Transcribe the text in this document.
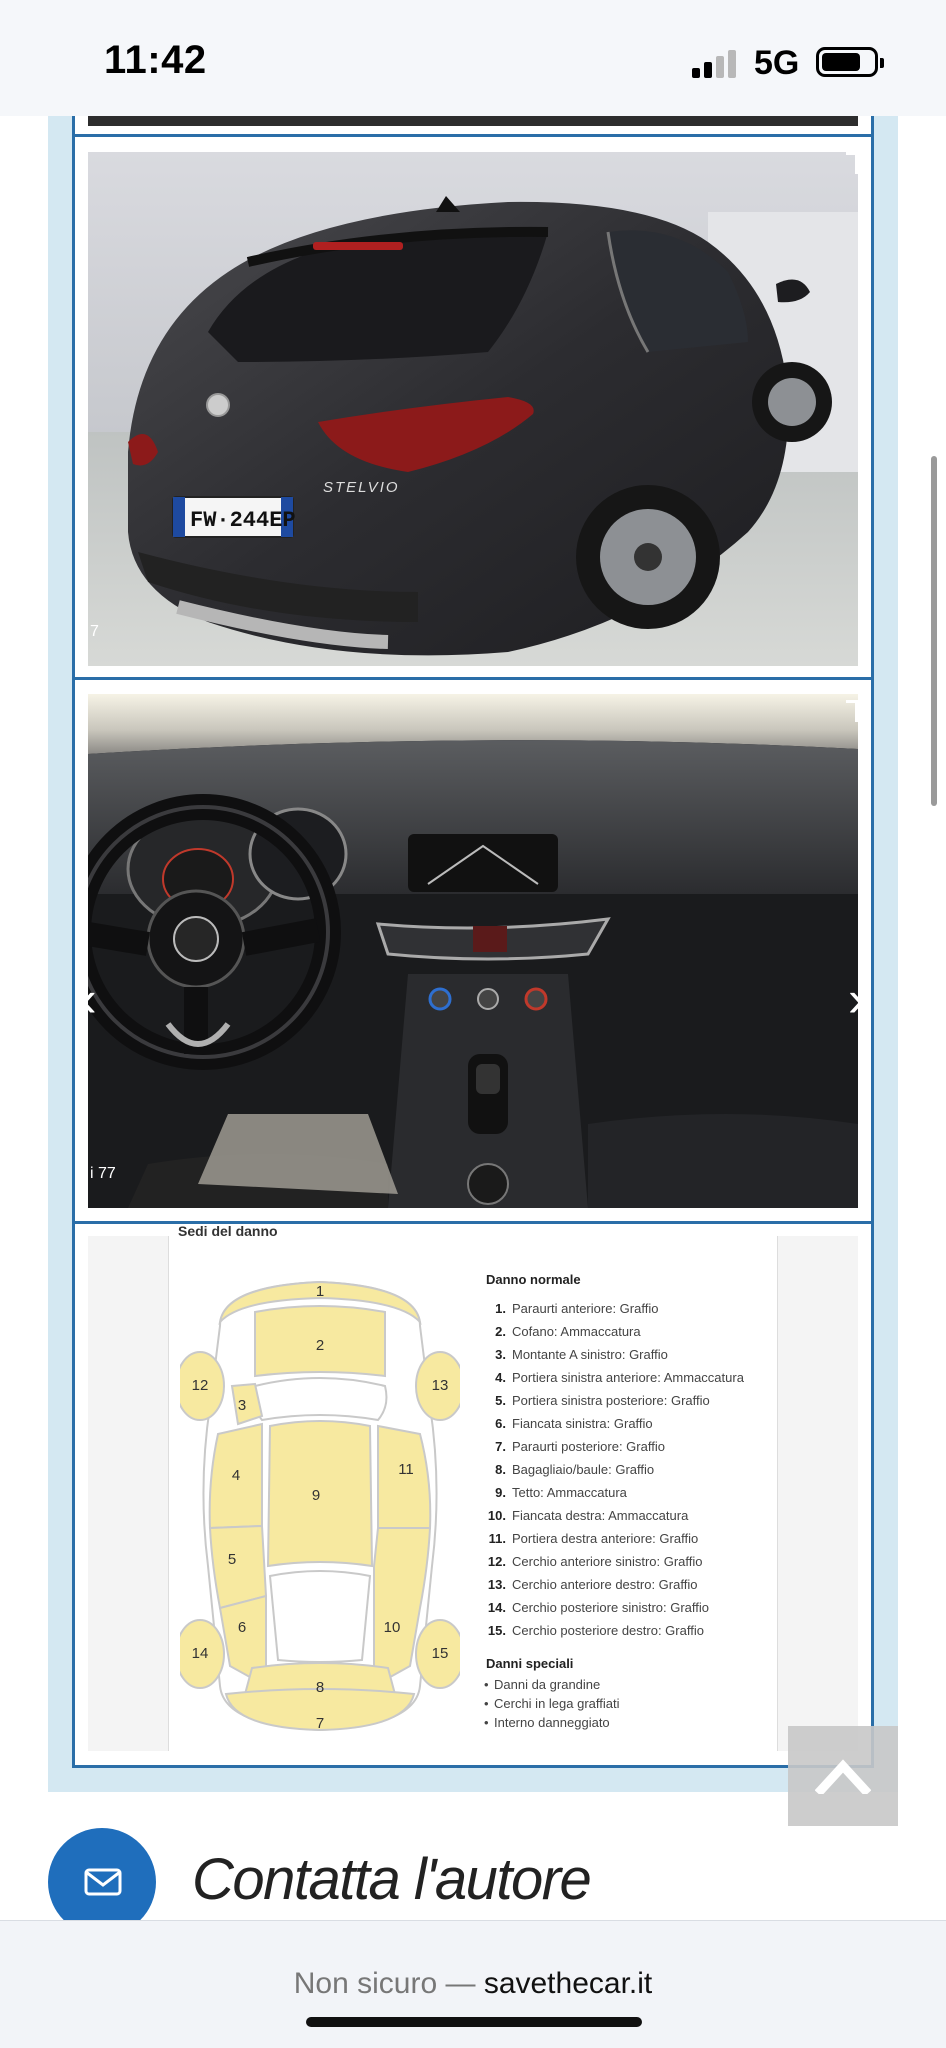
11:42	5G
FW·244EP
STELVIO
7
i 77
‹	›
Sedi del danno
1
2
3
4
5
6
7
8
9
10
11
12	13
14	15
Danno normale
1. Paraurti anteriore: Graffio
2. Cofano: Ammaccatura
3. Montante A sinistro: Graffio
4. Portiera sinistra anteriore: Ammaccatura
5. Portiera sinistra posteriore: Graffio
6. Fiancata sinistra: Graffio
7. Paraurti posteriore: Graffio
8. Bagagliaio/baule: Graffio
9. Tetto: Ammaccatura
10. Fiancata destra: Ammaccatura
11. Portiera destra anteriore: Graffio
12. Cerchio anteriore sinistro: Graffio
13. Cerchio anteriore destro: Graffio
14. Cerchio posteriore sinistro: Graffio
15. Cerchio posteriore destro: Graffio
Danni speciali
• Danni da grandine
• Cerchi in lega graffiati
• Interno danneggiato
Contatta l'autore
Non sicuro — savethecar.it
